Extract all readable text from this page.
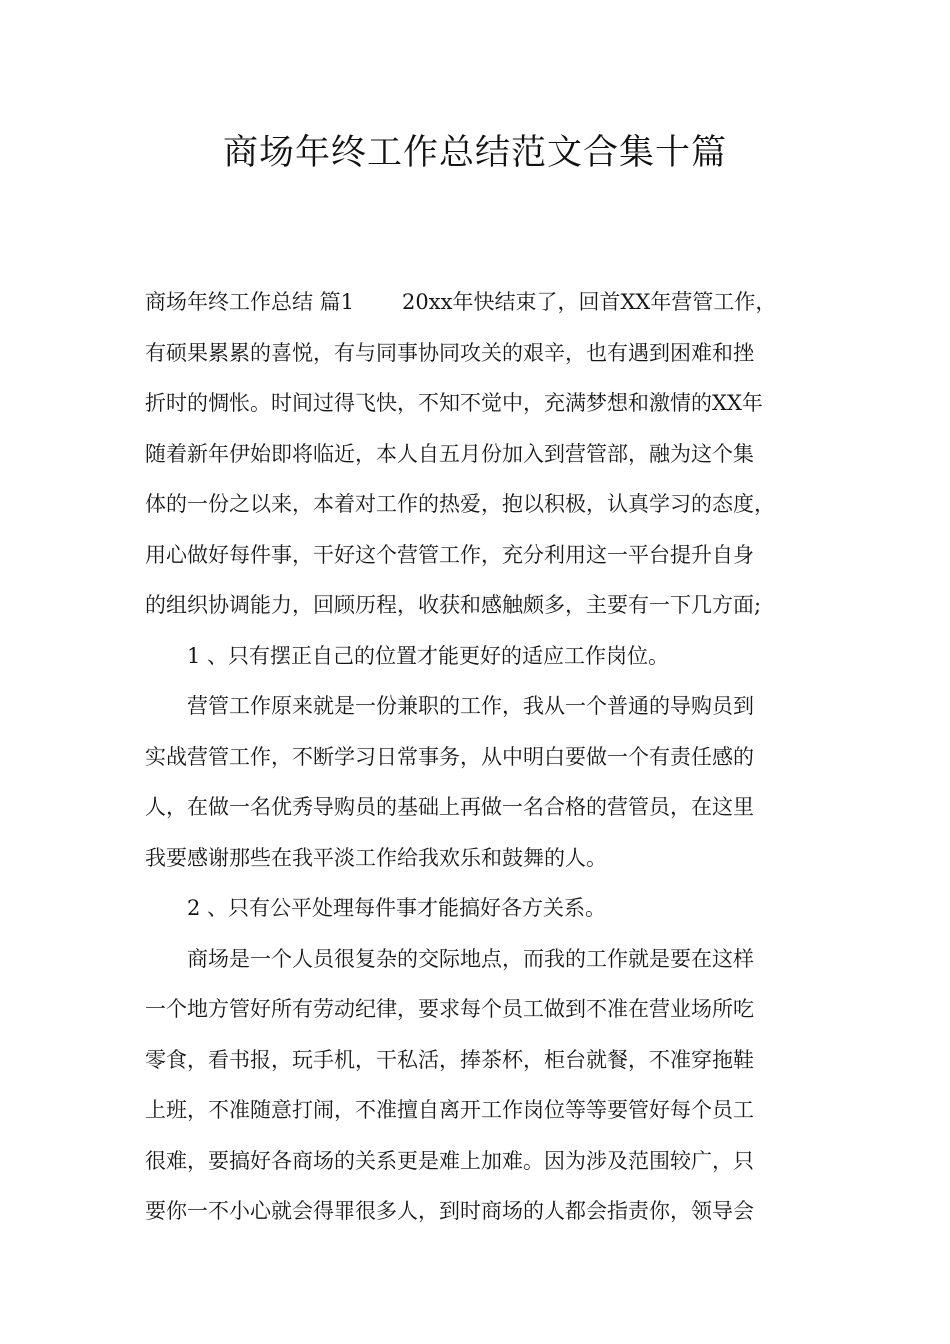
商场年终工作总结范文合集十篇
商场年终工作总结 篇1 20xx年快结束了，回首XX年营管工作，
有硕果累累的喜悦，有与同事协同攻关的艰辛，也有遇到困难和挫
折时的惆怅。时间过得飞快，不知不觉中，充满梦想和激情的XX年
随着新年伊始即将临近，本人自五月份加入到营管部，融为这个集
体的一份之以来，本着对工作的热爱，抱以积极，认真学习的态度，
用心做好每件事，干好这个营管工作，充分利用这一平台提升自身
的组织协调能力，回顾历程，收获和感触颇多，主要有一下几方面;
1 、只有摆正自己的位置才能更好的适应工作岗位。
营管工作原来就是一份兼职的工作，我从一个普通的导购员到
实战营管工作，不断学习日常事务，从中明白要做一个有责任感的
人，在做一名优秀导购员的基础上再做一名合格的营管员，在这里
我要感谢那些在我平淡工作给我欢乐和鼓舞的人。
2 、只有公平处理每件事才能搞好各方关系。
商场是一个人员很复杂的交际地点，而我的工作就是要在这样
一个地方管好所有劳动纪律，要求每个员工做到不准在营业场所吃
零食，看书报，玩手机，干私活，捧茶杯，柜台就餐，不准穿拖鞋
上班，不准随意打闹，不准擅自离开工作岗位等等要管好每个员工
很难，要搞好各商场的关系更是难上加难。因为涉及范围较广，只
要你一不小心就会得罪很多人，到时商场的人都会指责你，领导会
